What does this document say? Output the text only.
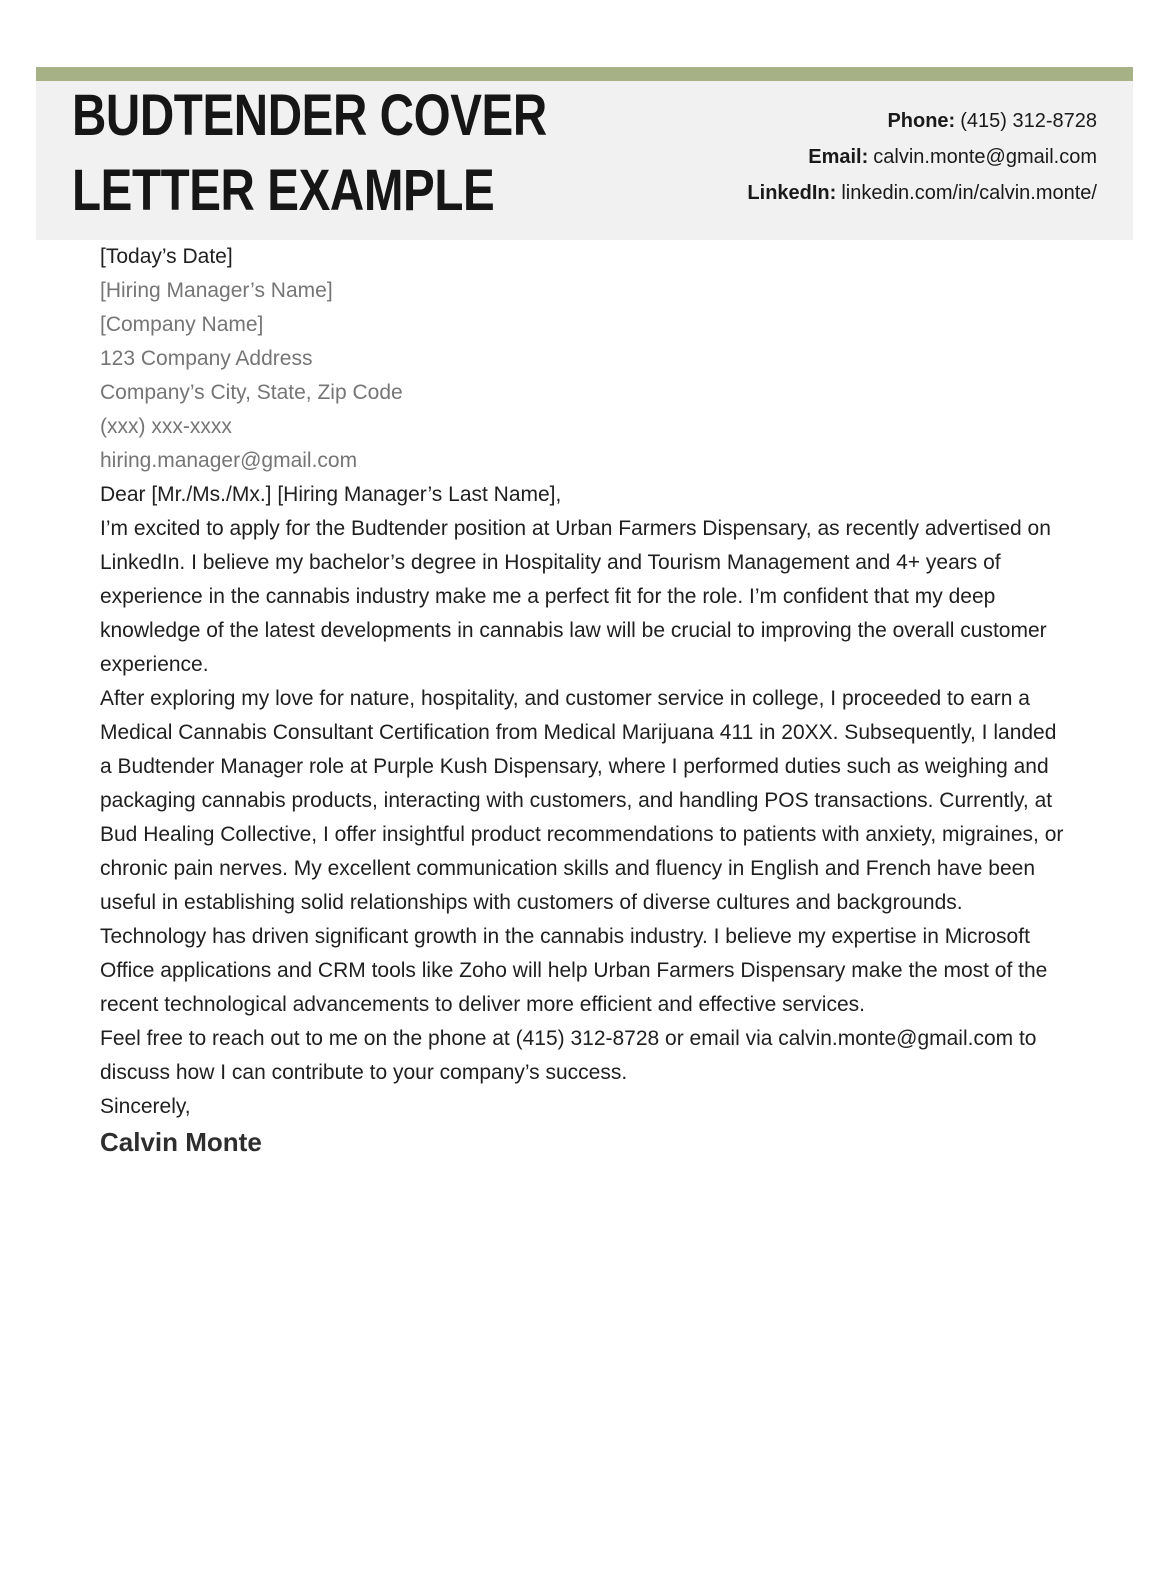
BUDTENDER COVER
LETTER EXAMPLE
Phone: (415) 312-8728
Email: calvin.monte@gmail.com
LinkedIn: linkedin.com/in/calvin.monte/

[Today’s Date]

[Hiring Manager’s Name]
[Company Name]
123 Company Address
Company’s City, State, Zip Code
(xxx) xxx-xxxx
hiring.manager@gmail.com

Dear [Mr./Ms./Mx.] [Hiring Manager’s Last Name],

I’m excited to apply for the Budtender position at Urban Farmers Dispensary, as recently advertised on LinkedIn. I believe my bachelor’s degree in Hospitality and Tourism Management and 4+ years of experience in the cannabis industry make me a perfect fit for the role. I’m confident that my deep knowledge of the latest developments in cannabis law will be crucial to improving the overall customer experience.

After exploring my love for nature, hospitality, and customer service in college, I proceeded to earn a Medical Cannabis Consultant Certification from Medical Marijuana 411 in 20XX. Subsequently, I landed a Budtender Manager role at Purple Kush Dispensary, where I performed duties such as weighing and packaging cannabis products, interacting with customers, and handling POS transactions. Currently, at Bud Healing Collective, I offer insightful product recommendations to patients with anxiety, migraines, or chronic pain nerves. My excellent communication skills and fluency in English and French have been useful in establishing solid relationships with customers of diverse cultures and backgrounds.

Technology has driven significant growth in the cannabis industry. I believe my expertise in Microsoft Office applications and CRM tools like Zoho will help Urban Farmers Dispensary make the most of the recent technological advancements to deliver more efficient and effective services.

Feel free to reach out to me on the phone at (415) 312-8728 or email via calvin.monte@gmail.com to discuss how I can contribute to your company’s success.

Sincerely,

Calvin Monte
